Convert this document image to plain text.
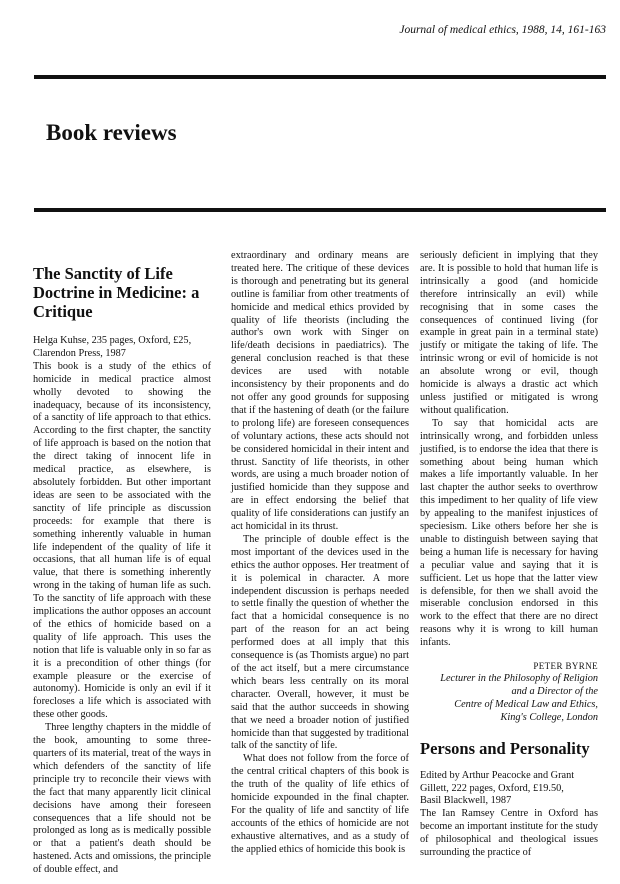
Journal of medical ethics, 1988, 14, 161-163
Book reviews
The Sanctity of Life Doctrine in Medicine: a Critique

Helga Kuhse, 235 pages, Oxford, £25,
Clarendon Press, 1987

This book is a study of the ethics of homicide in medical practice almost wholly devoted to showing the inadequacy, because of its inconsistency, of a sanctity of life approach to that ethics. According to the first chapter, the sanctity of life approach is based on the notion that the direct taking of innocent life in medical practice, as elsewhere, is absolutely forbidden. But other important ideas are seen to be associated with the sanctity of life principle as discussion proceeds: for example that there is something inherently valuable in human life independent of the quality of life it occasions, that all human life is of equal value, that there is something inherently wrong in the taking of human life as such. To the sanctity of life approach with these implications the author opposes an account of the ethics of homicide based on a quality of life approach. This uses the notion that life is valuable only in so far as it is a precondition of other things (for example pleasure or the exercise of autonomy). Homicide is only an evil if it forecloses a life which is associated with these other goods.

Three lengthy chapters in the middle of the book, amounting to some three-quarters of its material, treat of the ways in which defenders of the sanctity of life principle try to reconcile their views with the fact that many apparently licit clinical decisions have among their foreseen consequences that a life should not be prolonged as long as is medically possible or that a patient's death should be hastened. Acts and omissions, the principle of double effect, and

extraordinary and ordinary means are treated here. The critique of these devices is thorough and penetrating but its general outline is familiar from other treatments of homicide and medical ethics provided by quality of life theorists (including the author's own work with Singer on life/death decisions in paediatrics). The general conclusion reached is that these devices are used with notable inconsistency by their proponents and do not offer any good grounds for supposing that if the hastening of death (or the failure to prolong life) are foreseen consequences of voluntary actions, these acts should not be considered homicidal in their intent and thrust. Sanctity of life theorists, in other words, are using a much broader notion of justified homicide than they suppose and are in effect endorsing the belief that quality of life considerations can justify an act homicidal in its thrust.

The principle of double effect is the most important of the devices used in the ethics the author opposes. Her treatment of it is polemical in character. A more independent discussion is perhaps needed to settle finally the question of whether the fact that a homicidal consequence is no part of the reason for an act being performed does at all imply that this consequence is (as Thomists argue) no part of the act itself, but a mere circumstance which bears less centrally on its moral character. Overall, however, it must be said that the author succeeds in showing that we need a broader notion of justified homicide than that suggested by traditional talk of the sanctity of life.

What does not follow from the force of the central critical chapters of this book is the truth of the quality of life ethics of homicide expounded in the final chapter. For the quality of life and sanctity of life accounts of the ethics of homicide are not exhaustive alternatives, and as a study of the applied ethics of homicide this book is

seriously deficient in implying that they are. It is possible to hold that human life is intrinsically a good (and homicide therefore intrinsically an evil) while recognising that in some cases the consequences of continued living (for example in great pain in a terminal state) justify or mitigate the taking of life. The intrinsic wrong or evil of homicide is not an absolute wrong or evil, though homicide is always a drastic act which unless justified or mitigated is wrong without qualification.

To say that homicidal acts are intrinsically wrong, and forbidden unless justified, is to endorse the idea that there is something about being human which makes a life importantly valuable. In her last chapter the author seeks to overthrow this impediment to her quality of life view by appealing to the manifest injustices of speciesism. Like others before her she is unable to distinguish between saying that being a human life is necessary for having a peculiar value and saying that it is sufficient. Let us hope that the latter view is defensible, for then we shall avoid the miserable conclusion endorsed in this work to the effect that there are no direct reasons why it is wrong to kill human infants.

PETER BYRNE
Lecturer in the Philosophy of Religion
and a Director of the
Centre of Medical Law and Ethics,
King's College, London
Persons and Personality

Edited by Arthur Peacocke and Grant
Gillett, 222 pages, Oxford, £19.50,
Basil Blackwell, 1987

The Ian Ramsey Centre in Oxford has become an important institute for the study of philosophical and theological issues surrounding the practice of
